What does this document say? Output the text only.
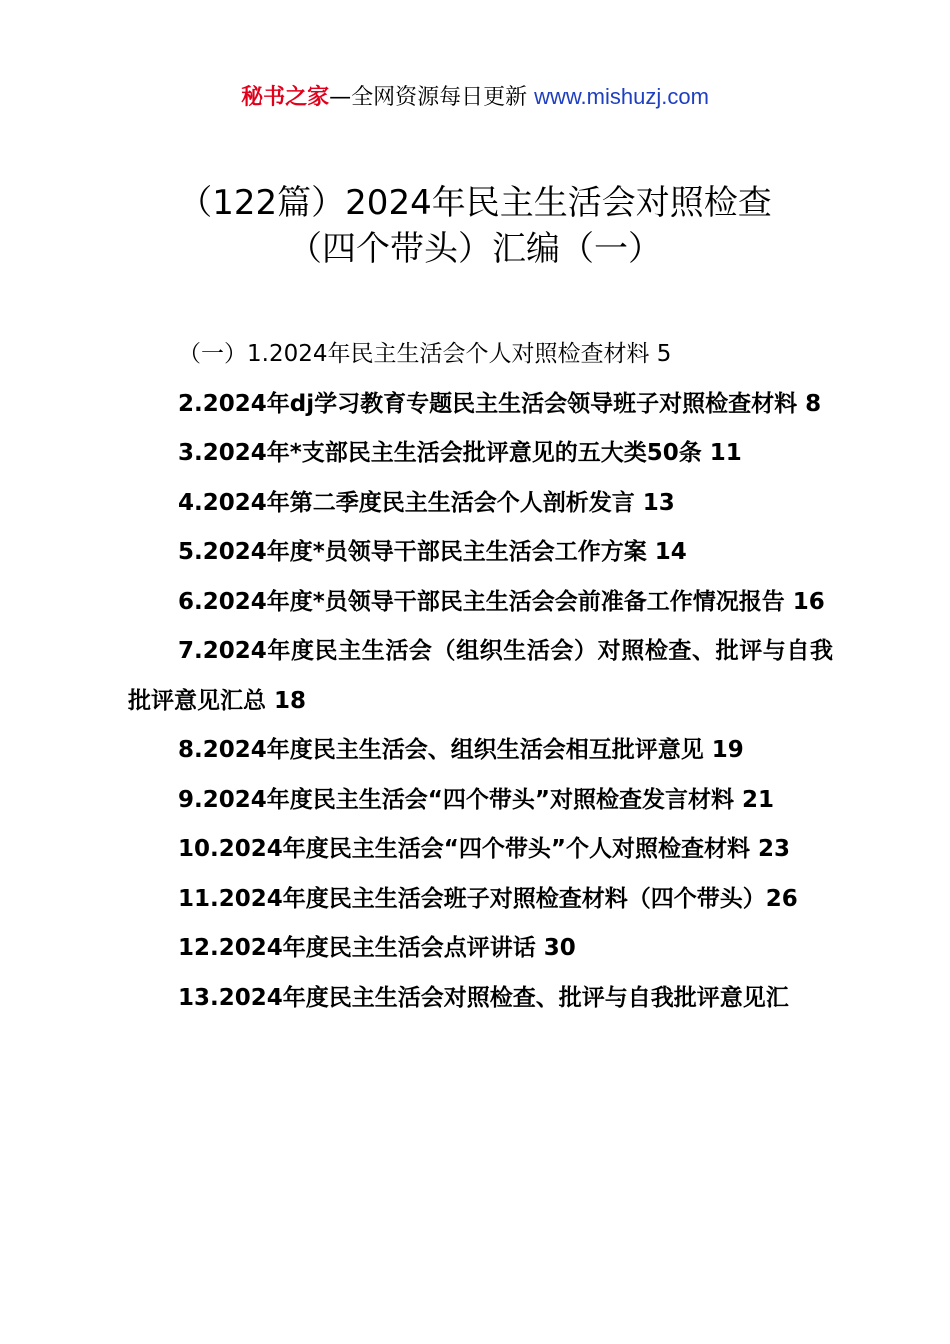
秘书之家—全网资源每日更新 www.mishuzj.com
（122篇）2024年民主生活会对照检查
（四个带头）汇编（一）
（一）1.2024年民主生活会个人对照检查材料 5
2.2024年dj学习教育专题民主生活会领导班子对照检查材料 8
3.2024年*支部民主生活会批评意见的五大类50条 11
4.2024年第二季度民主生活会个人剖析发言 13
5.2024年度*员领导干部民主生活会工作方案 14
6.2024年度*员领导干部民主生活会会前准备工作情况报告 16
7.2024年度民主生活会（组织生活会）对照检查、批评与自我批评意见汇总 18
8.2024年度民主生活会、组织生活会相互批评意见 19
9.2024年度民主生活会“四个带头”对照检查发言材料 21
10.2024年度民主生活会“四个带头”个人对照检查材料 23
11.2024年度民主生活会班子对照检查材料（四个带头）26
12.2024年度民主生活会点评讲话 30
13.2024年度民主生活会对照检查、批评与自我批评意见汇
